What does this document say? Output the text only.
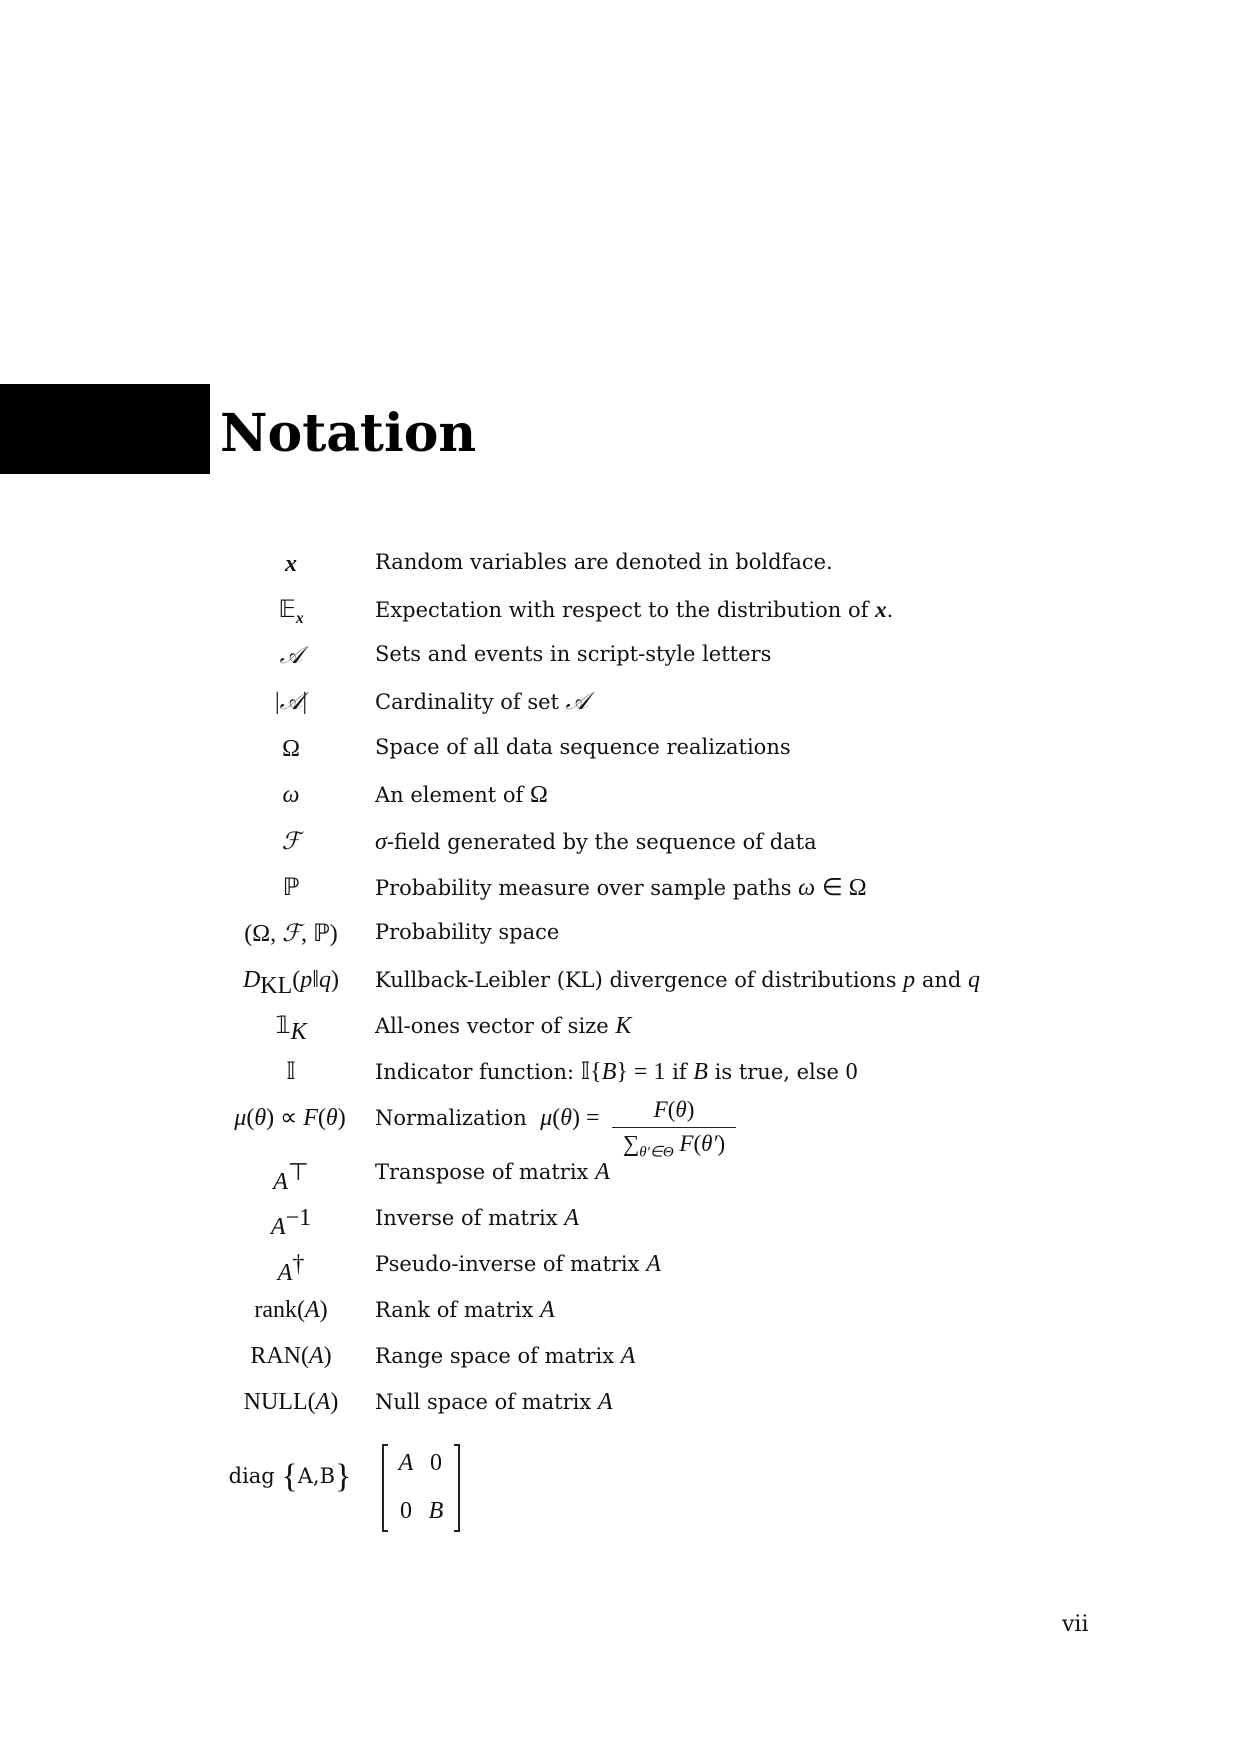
Notation
x	Random variables are denoted in boldface.
𝔼$_x$	Expectation with respect to the distribution of x.
𝒜	Sets and events in script-style letters
|𝒜|	Cardinality of set 𝒜
Ω	Space of all data sequence realizations
ω	An element of Ω
ℱ	σ-field generated by the sequence of data
ℙ	Probability measure over sample paths ω ∈ Ω
(Ω, ℱ, ℙ)	Probability space
$D_{KL}(p‖q)$	Kullback-Leibler (KL) divergence of distributions p and q
$𝟙_K$	All-ones vector of size K
𝕀	Indicator function: 𝕀{B} = 1 if B is true, else 0
μ(θ) ∝ F(θ)	Normalization $\mu(\theta) = \frac{F(\theta)}{\sum_{\theta'\in\Theta} F(\theta')}$
A⊤	Transpose of matrix A
$A^{-1}$	Inverse of matrix A
A†	Pseudo-inverse of matrix A
rank(A)	Rank of matrix A
RAN(A)	Range space of matrix A
NULL(A)	Null space of matrix A
diag {A,B}	A 0
0 B
vii
